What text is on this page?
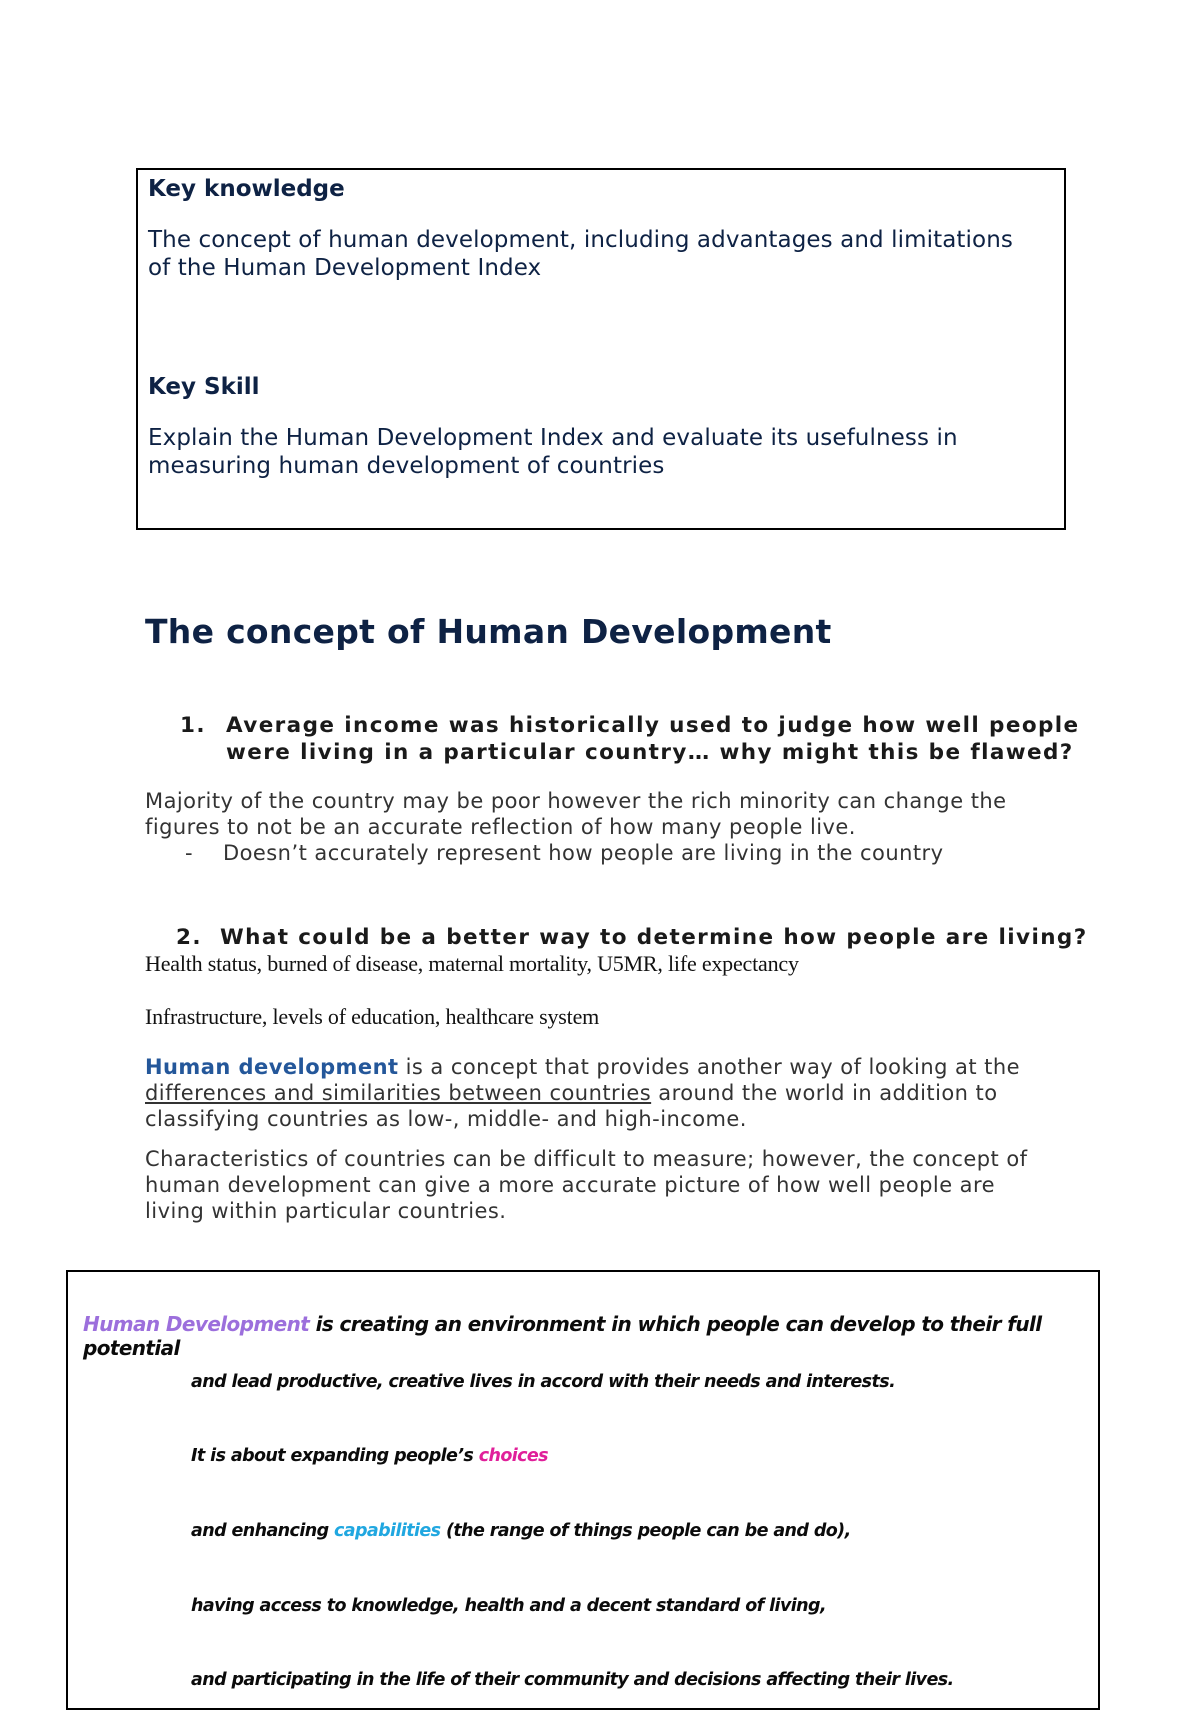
Key knowledge

The concept of human development, including advantages and limitations

of the Human Development Index

Key Skill

Explain the Human Development Index and evaluate its usefulness in

measuring human development of countries

The concept of Human Development
1. Average income was historically used to judge how well people
were living in a particular country… why might this be flawed?
Majority of the country may be poor however the rich minority can change the
figures to not be an accurate reflection of how many people live.
- Doesn’t accurately represent how people are living in the country
2. What could be a better way to determine how people are living?
Health status, burned of disease, maternal mortality, U5MR, life expectancy
Infrastructure, levels of education, healthcare system
Human development is a concept that provides another way of looking at the
differences and similarities between countries around the world in addition to
classifying countries as low-, middle- and high-income.
Characteristics of countries can be difficult to measure; however, the concept of
human development can give a more accurate picture of how well people are
living within particular countries.

Human Development is creating an environment in which people can develop to their full potential

and lead productive, creative lives in accord with their needs and interests.

It is about expanding people’s choices

and enhancing capabilities (the range of things people can be and do),

having access to knowledge, health and a decent standard of living,

and participating in the life of their community and decisions affecting their lives.
